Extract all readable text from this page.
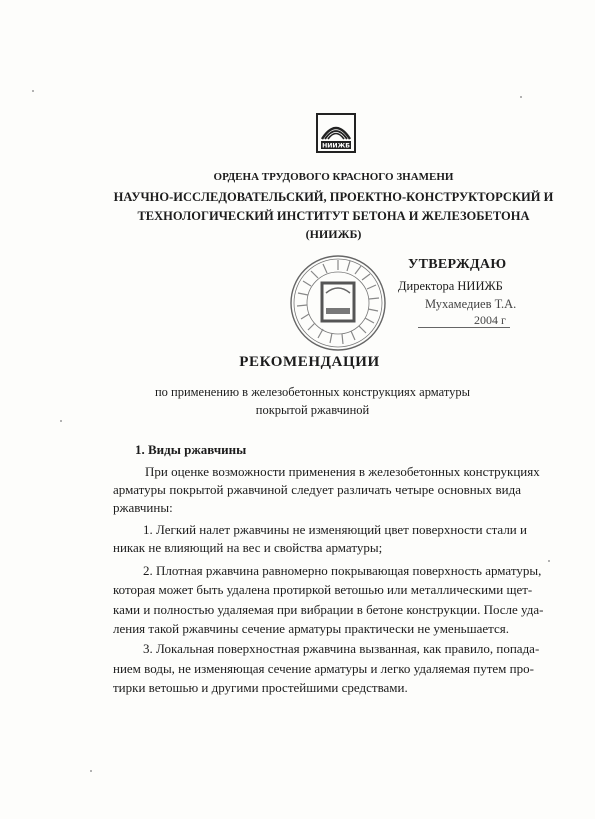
НИИЖБ
ОРДЕНА ТРУДОВОГО КРАСНОГО ЗНАМЕНИ
НАУЧНО-ИССЛЕДОВАТЕЛЬСКИЙ, ПРОЕКТНО-КОНСТРУКТОРСКИЙ И
ТЕХНОЛОГИЧЕСКИЙ ИНСТИТУТ БЕТОНА И ЖЕЛЕЗОБЕТОНА
(НИИЖБ)
УТВЕРЖДАЮ
Директора НИИЖБ
Мухамедиев Т.А.
2004 г
РЕКОМЕНДАЦИИ
по применению в железобетонных конструкциях арматуры
покрытой ржавчиной
1. Виды ржавчины
При оценке возможности применения в железобетонных конструкциях
арматуры покрытой ржавчиной следует различать четыре основных вида
ржавчины:
1. Легкий налет ржавчины не изменяющий цвет поверхности стали и
никак не влияющий на вес и свойства арматуры;
2. Плотная ржавчина равномерно покрывающая поверхность арматуры,
которая может быть удалена протиркой ветошью или металлическими щет-
ками и полностью удаляемая при вибрации в бетоне конструкции. После уда-
ления такой ржавчины сечение арматуры практически не уменьшается.
3. Локальная поверхностная ржавчина вызванная, как правило, попада-
нием воды, не изменяющая сечение арматуры и легко удаляемая путем про-
тирки ветошью и другими простейшими средствами.
